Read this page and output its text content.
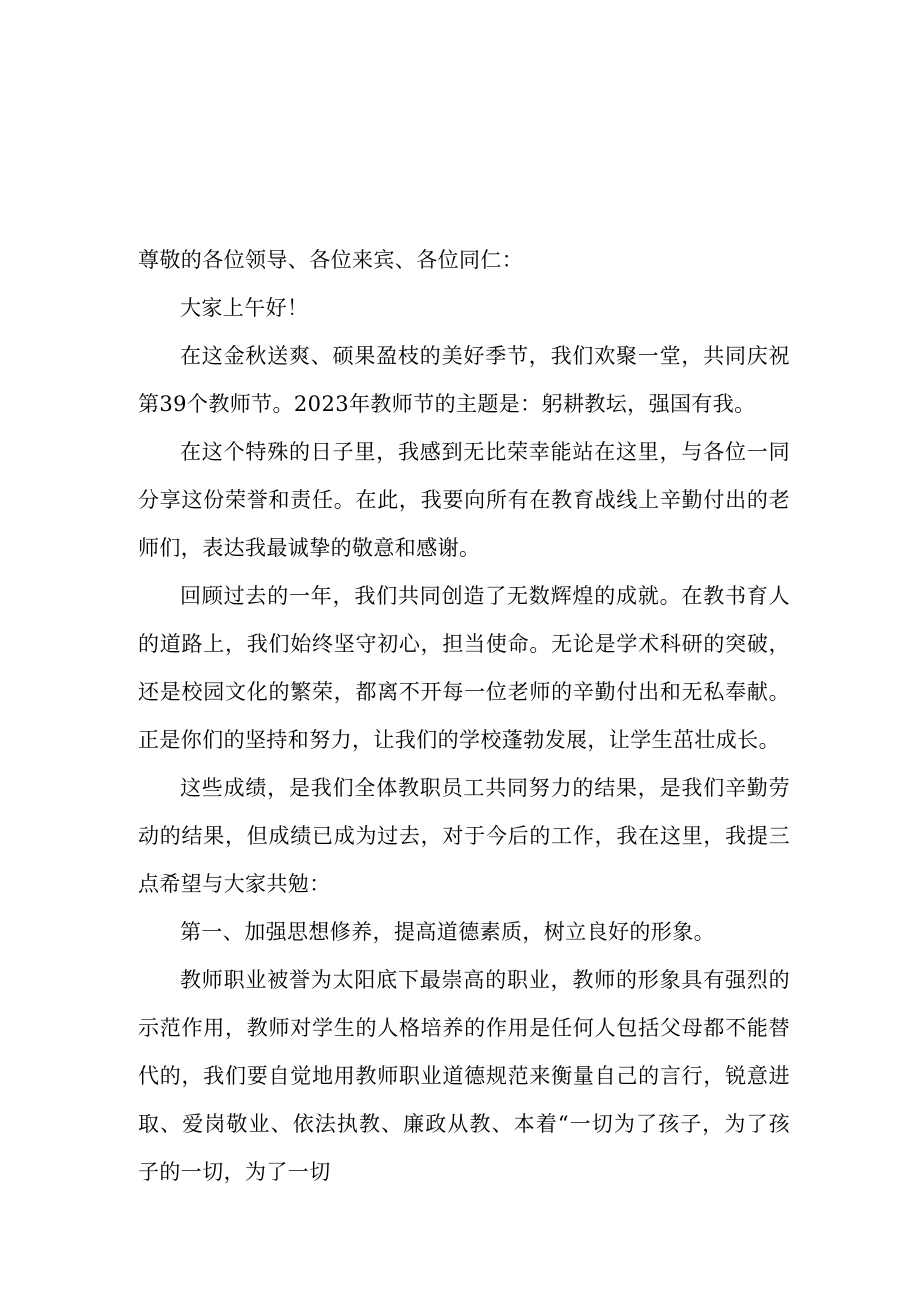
尊敬的各位领导、各位来宾、各位同仁：

大家上午好！

在这金秋送爽、硕果盈枝的美好季节，我们欢聚一堂，共同庆祝第39个教师节。2023年教师节的主题是：躬耕教坛，强国有我。

在这个特殊的日子里，我感到无比荣幸能站在这里，与各位一同分享这份荣誉和责任。在此，我要向所有在教育战线上辛勤付出的老师们，表达我最诚挚的敬意和感谢。

回顾过去的一年，我们共同创造了无数辉煌的成就。在教书育人的道路上，我们始终坚守初心，担当使命。无论是学术科研的突破，还是校园文化的繁荣，都离不开每一位老师的辛勤付出和无私奉献。正是你们的坚持和努力，让我们的学校蓬勃发展，让学生茁壮成长。

这些成绩，是我们全体教职员工共同努力的结果，是我们辛勤劳动的结果，但成绩已成为过去，对于今后的工作，我在这里，我提三点希望与大家共勉：

第一、加强思想修养，提高道德素质，树立良好的形象。

教师职业被誉为太阳底下最崇高的职业，教师的形象具有强烈的示范作用，教师对学生的人格培养的作用是任何人包括父母都不能替代的，我们要自觉地用教师职业道德规范来衡量自己的言行，锐意进取、爱岗敬业、依法执教、廉政从教、本着“一切为了孩子，为了孩子的一切，为了一切
